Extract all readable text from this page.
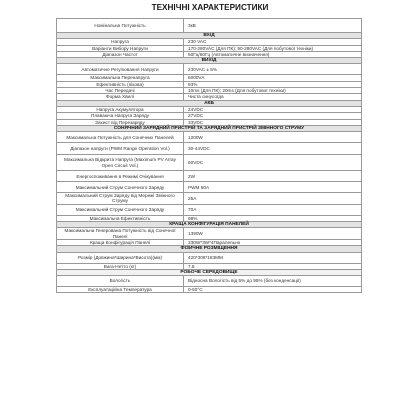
ТЕХНІЧНІ ХАРАКТЕРИСТИКИ
Номінальна Потужність	3кВ
ВХІД	
Напруга	230 VAC
Варіанти Вибору Напруги	170-280VAC (Для ПК); 90-280VAC (Для побутової техніки)
Діапазон Частот	50Гц/60Гц (Автоматичне визначення)
ВИХІД	
Автоматичне Регулювання Напруги	230VAC ± 5%
Максимальна Перенапруга	6000VA
Ефективність (пікова)	93%
Час Передачі	10ms (Для ПК); 20ms (Для побутової техніки)
Форма Хвилі	Чиста синусоїда
АКБ	
Напруга Акумулятора	24VDC
Плаваюча Напруга Заряду	27VDC
Захист від Перезаряду	33VDC
СОНЯЧНИЙ ЗАРЯДНИЙ ПРИСТРІЙ ТА ЗАРЯДНИЙ ПРИСТРІЙ ЗМІННОГО СТРУМУ	
Максимальна Потужність для Сонячних Панелей	1200W
Діапазон напруги (PWM Range Operation Vol.)	30-44VDC
Максимальна Відкрита Напруга (Maximum PV Array Open Circuit Vol.)	60VDC
Енергоспоживання в Режимі Очікування	2W
Максимальний Струм Сонячного Заряду	PWM 50A
Максимальний Струм Заряду від Мережі Змінного Струму	25A
Максимальний Струм Сонячного Заряду	70A
Максимальна Ефективність	98%
КРАЩА КОНФІГУРАЦІЯ ПАНЕЛЕЙ	
Максимальна Генерована Потужність від Сонячної Панелі	1390W
Краща Конфігурація Панелі	330W*3W*4Паралельно
ФІЗИЧНЕ РОЗМІЩЕННЯ	
Розмір (Довжина*Ширина*Висота)(мм)	420*308*183MM
Вага-Нетто (кг)	7.8
РОБОЧЕ СЕРЕДОВИЩЕ	
Вологість	Відносна Вологість від 5% до 95% (без конденсації)
Експлуатаційна Температура	0-50°C
